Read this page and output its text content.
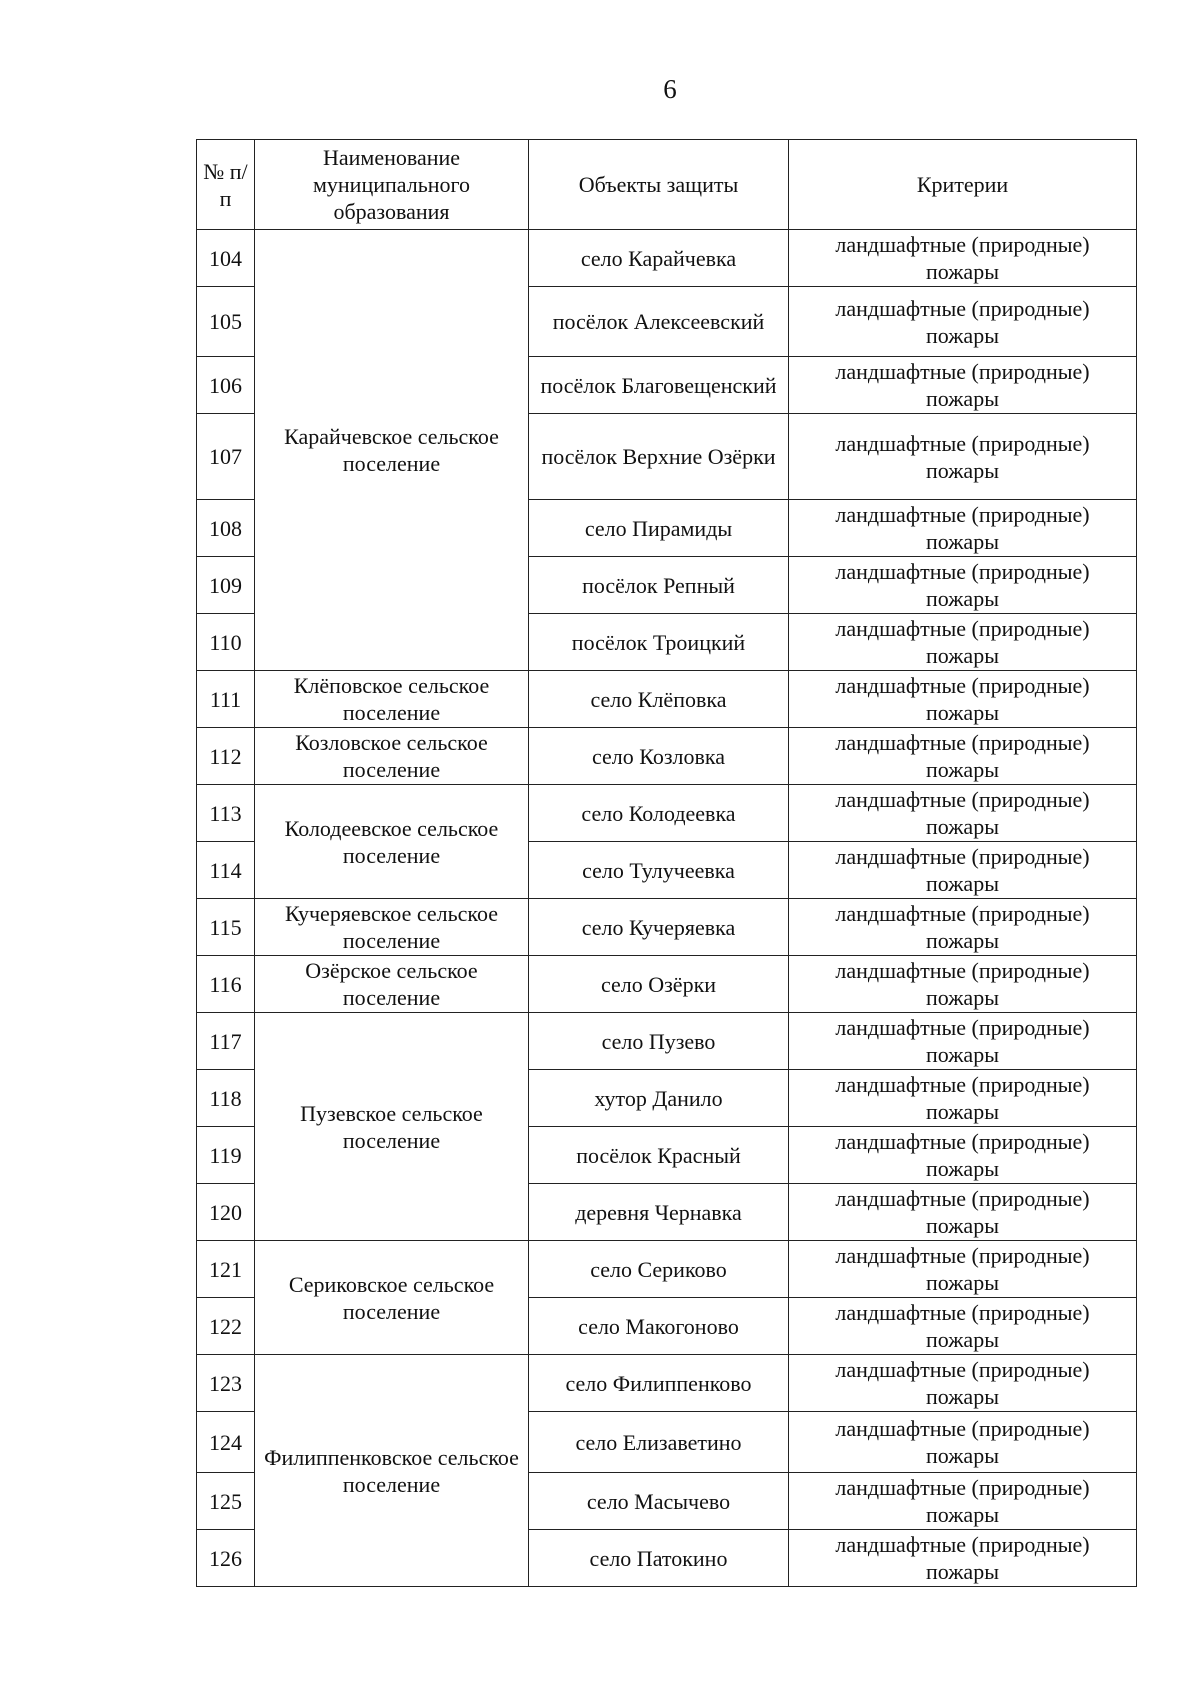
6
№ п/п	Наименование муниципального образования	Объекты защиты	Критерии
104	Карайчевское сельское поселение	село Карайчевка	ландшафтные (природные)
пожары
105		посёлок Алексеевский	ландшафтные (природные)
пожары
106		посёлок Благовещенский	ландшафтные (природные)
пожары
107		посёлок Верхние Озёрки	ландшафтные (природные)
пожары
108		село Пирамиды	ландшафтные (природные)
пожары
109		посёлок Репный	ландшафтные (природные)
пожары
110		посёлок Троицкий	ландшафтные (природные)
пожары
111	Клёповское сельское поселение	село Клёповка	ландшафтные (природные)
пожары
112	Козловское сельское поселение	село Козловка	ландшафтные (природные)
пожары
113	Колодеевское сельское поселение	село Колодеевка	ландшафтные (природные)
пожары
114		село Тулучеевка	ландшафтные (природные)
пожары
115	Кучеряевское сельское поселение	село Кучеряевка	ландшафтные (природные)
пожары
116	Озёрское сельское поселение	село Озёрки	ландшафтные (природные)
пожары
117	Пузевское сельское поселение	село Пузево	ландшафтные (природные)
пожары
118		хутор Данило	ландшафтные (природные)
пожары
119		посёлок Красный	ландшафтные (природные)
пожары
120		деревня Чернавка	ландшафтные (природные)
пожары
121	Сериковское сельское поселение	село Сериково	ландшафтные (природные)
пожары
122		село Макогоново	ландшафтные (природные)
пожары
123	Филиппенковское сельское поселение	село Филиппенково	ландшафтные (природные)
пожары
124		село Елизаветино	ландшафтные (природные)
пожары
125		село Масычево	ландшафтные (природные)
пожары
126		село Патокино	ландшафтные (природные)
пожары
